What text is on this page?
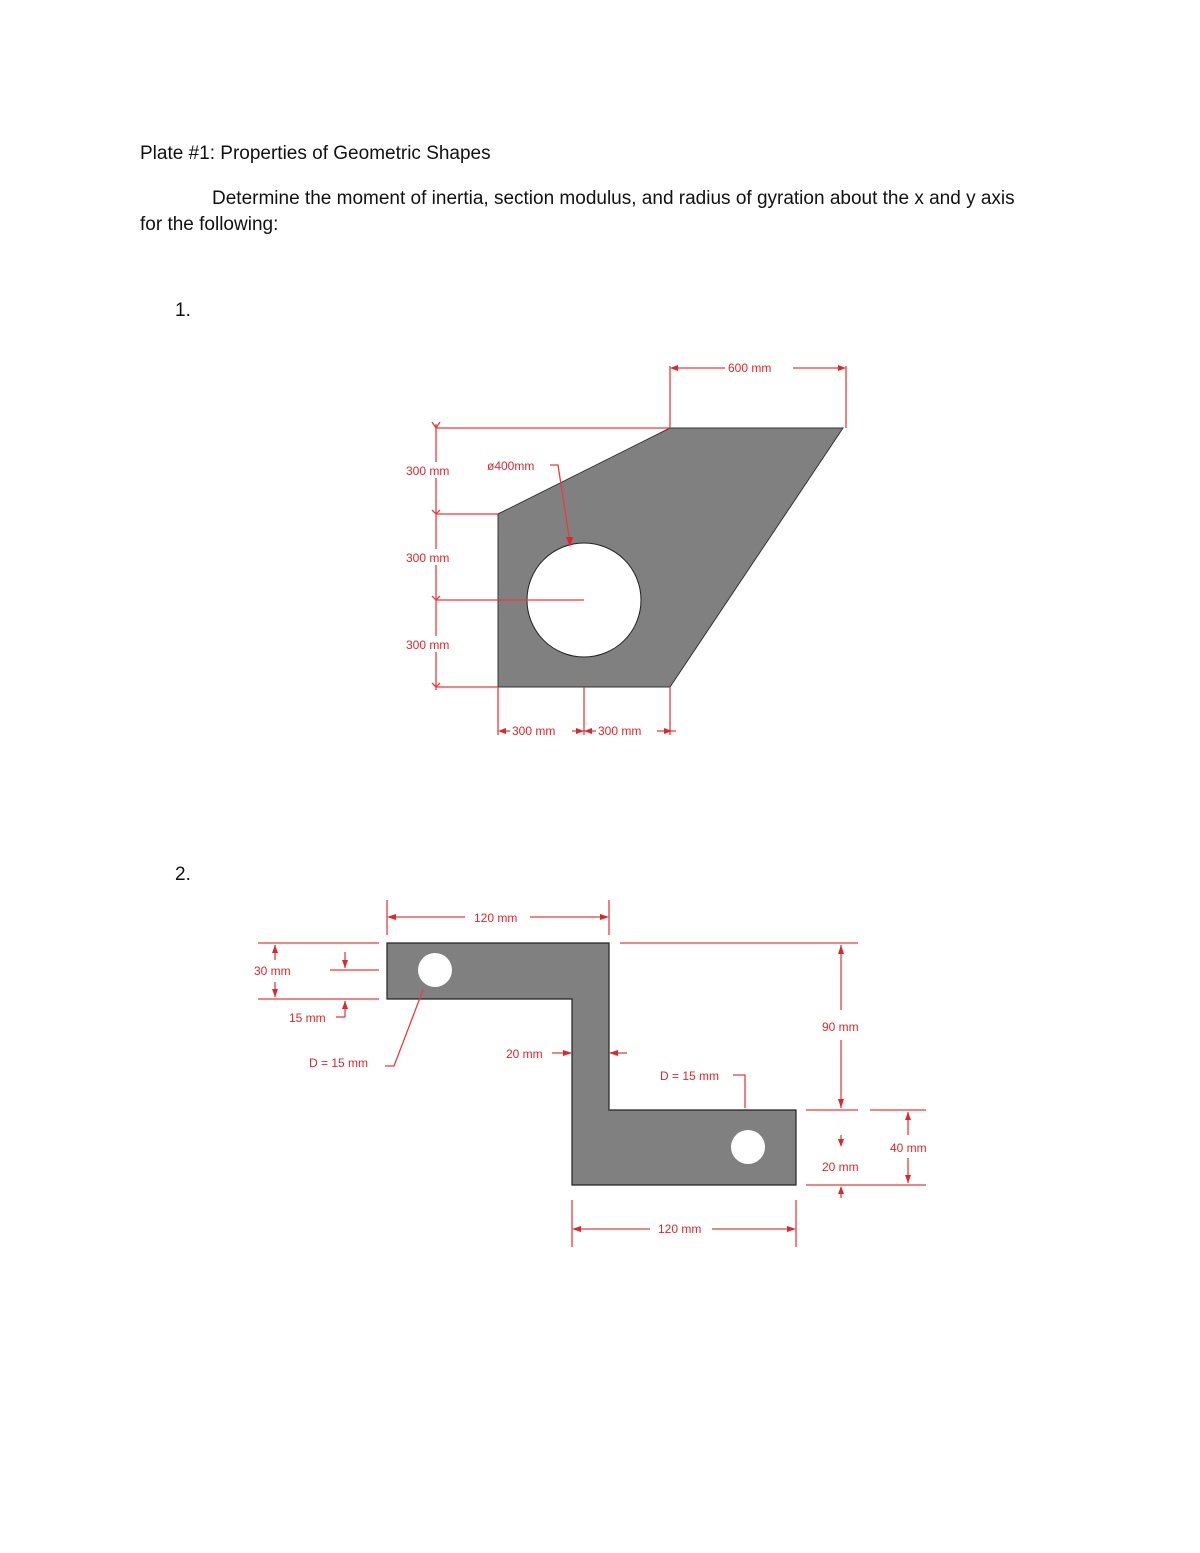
Plate #1: Properties of Geometric Shapes
Determine the moment of inertia, section modulus, and radius of gyration about the x and y axis for the following:
1.
2.
600 mm
300 mm
300 mm
300 mm
ø400mm
300 mm	300 mm
120 mm
30 mm
15 mm
D = 15 mm
20 mm
D = 15 mm
90 mm
40 mm
20 mm
120 mm
